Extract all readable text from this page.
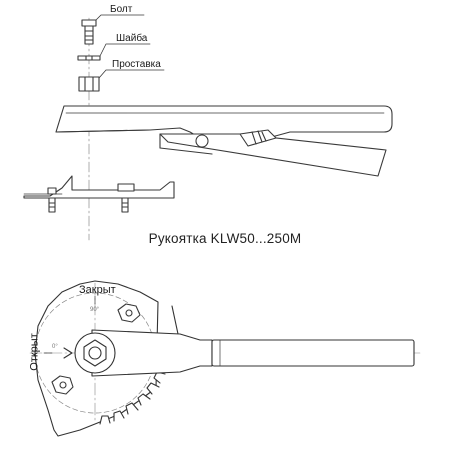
Болт
Шайба
Проставка
Рукоятка KLW50...250M
Закрыт
Открыт
90°
0°
